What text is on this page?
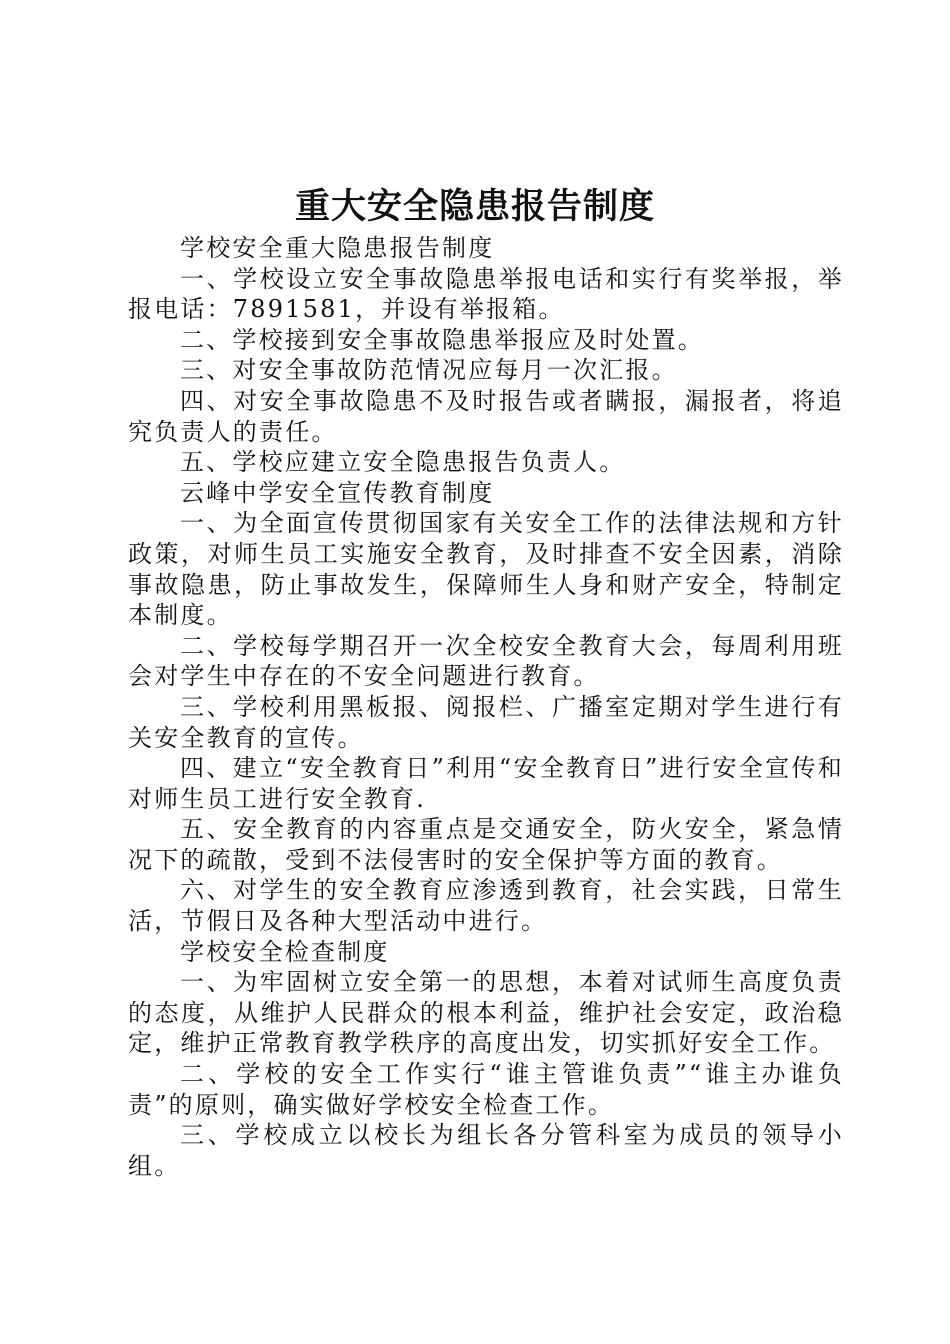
重大安全隐患报告制度

学校安全重大隐患报告制度

一、学校设立安全事故隐患举报电话和实行有奖举报，举报电话：7891581，并设有举报箱。

二、学校接到安全事故隐患举报应及时处置。

三、对安全事故防范情况应每月一次汇报。

四、对安全事故隐患不及时报告或者瞒报，漏报者，将追究负责人的责任。

五、学校应建立安全隐患报告负责人。

云峰中学安全宣传教育制度

一、为全面宣传贯彻国家有关安全工作的法律法规和方针政策，对师生员工实施安全教育，及时排查不安全因素，消除事故隐患，防止事故发生，保障师生人身和财产安全，特制定本制度。

二、学校每学期召开一次全校安全教育大会，每周利用班会对学生中存在的不安全问题进行教育。

三、学校利用黑板报、阅报栏、广播室定期对学生进行有关安全教育的宣传。

四、建立“安全教育日”利用“安全教育日”进行安全宣传和对师生员工进行安全教育.

五、安全教育的内容重点是交通安全，防火安全，紧急情况下的疏散，受到不法侵害时的安全保护等方面的教育。

六、对学生的安全教育应渗透到教育，社会实践，日常生活，节假日及各种大型活动中进行。

学校安全检查制度

一、为牢固树立安全第一的思想，本着对试师生高度负责的态度，从维护人民群众的根本利益，维护社会安定，政治稳定，维护正常教育教学秩序的高度出发，切实抓好安全工作。

二、学校的安全工作实行“谁主管谁负责”“谁主办谁负责”的原则，确实做好学校安全检查工作。

三、学校成立以校长为组长各分管科室为成员的领导小组。
